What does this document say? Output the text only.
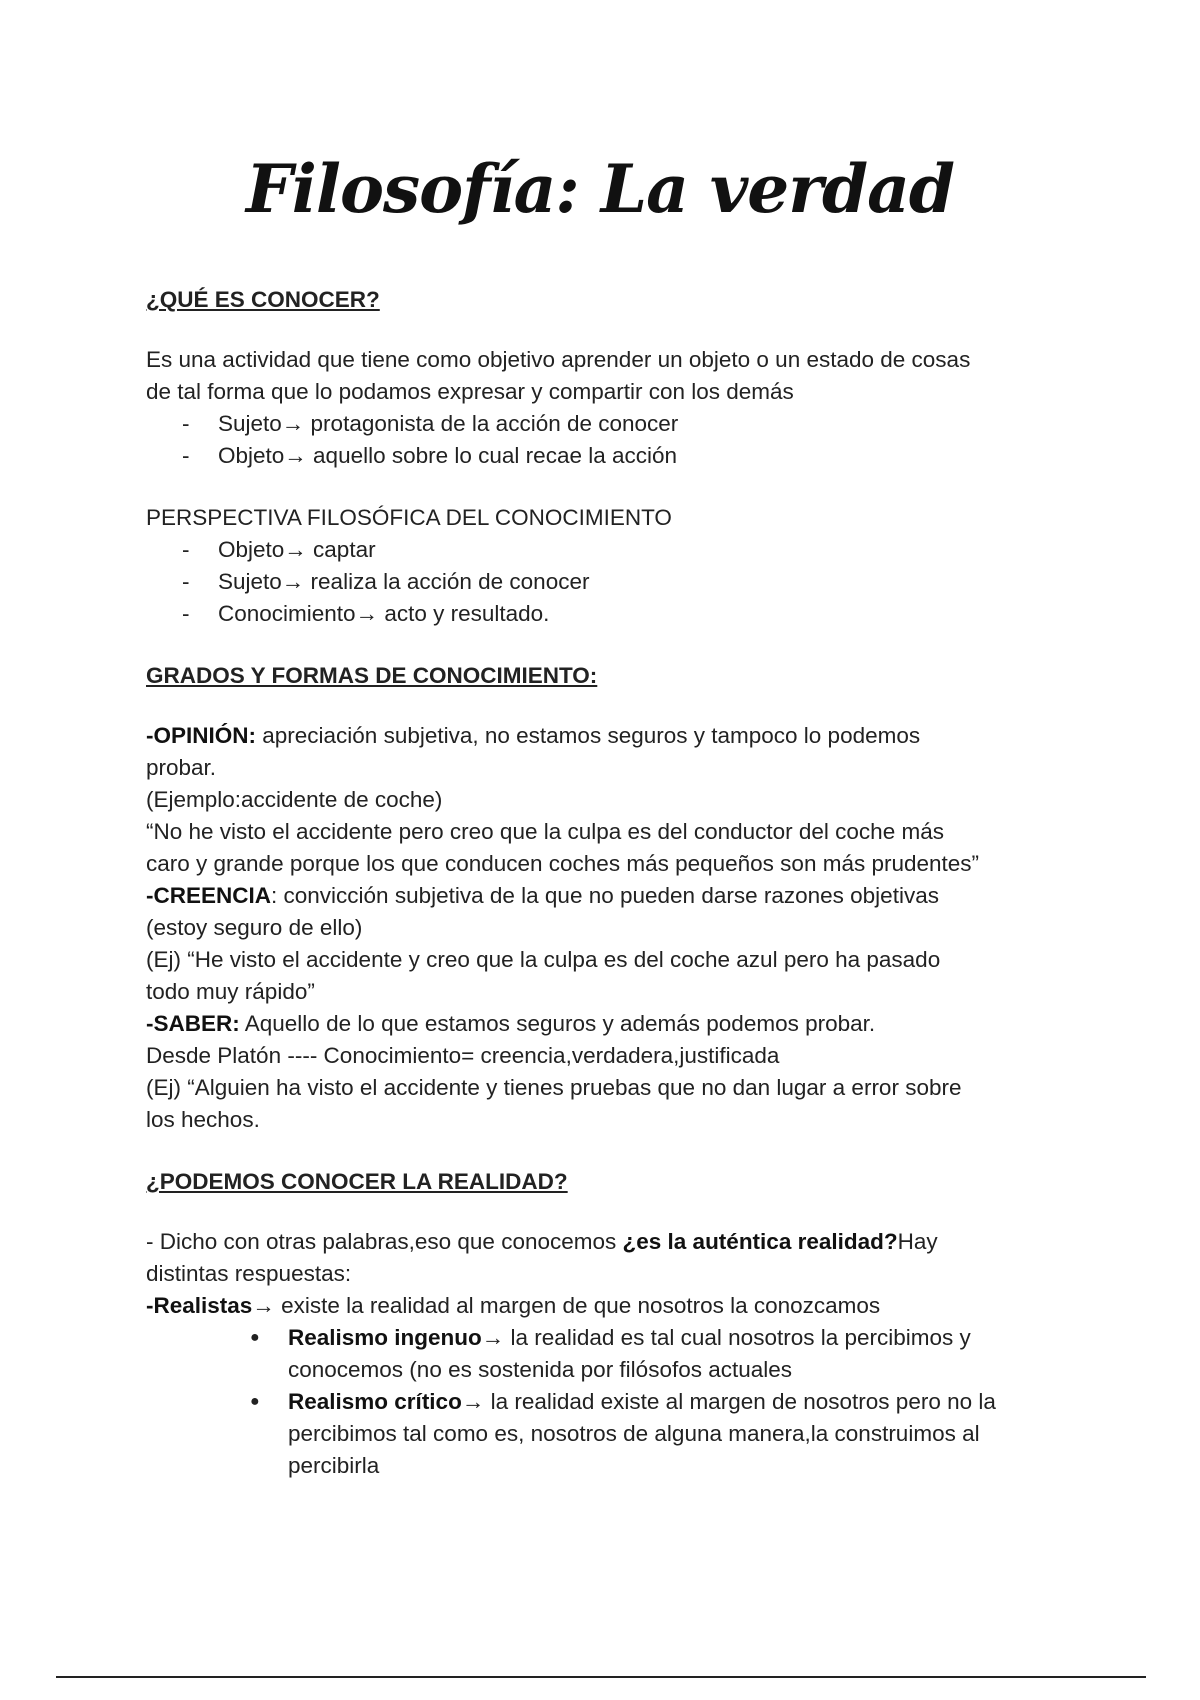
Filosofía: La verdad

¿QUÉ ES CONOCER?

Es una actividad que tiene como objetivo aprender un objeto o un estado de cosas

de tal forma que lo podamos expresar y compartir con los demás

- Sujeto→ protagonista de la acción de conocer
- Objeto→ aquello sobre lo cual recae la acción

PERSPECTIVA FILOSÓFICA DEL CONOCIMIENTO

- Objeto→ captar
- Sujeto→ realiza la acción de conocer
- Conocimiento→ acto y resultado.

GRADOS Y FORMAS DE CONOCIMIENTO:

-OPINIÓN: apreciación subjetiva, no estamos seguros y tampoco lo podemos

probar.

(Ejemplo:accidente de coche)

“No he visto el accidente pero creo que la culpa es del conductor del coche más

caro y grande porque los que conducen coches más pequeños son más prudentes”

-CREENCIA: convicción subjetiva de la que no pueden darse razones objetivas

(estoy seguro de ello)

(Ej) “He visto el accidente y creo que la culpa es del coche azul pero ha pasado

todo muy rápido”

-SABER: Aquello de lo que estamos seguros y además podemos probar.

Desde Platón ---- Conocimiento= creencia,verdadera,justificada

(Ej) “Alguien ha visto el accidente y tienes pruebas que no dan lugar a error sobre

los hechos.

¿PODEMOS CONOCER LA REALIDAD?

- Dicho con otras palabras,eso que conocemos ¿es la auténtica realidad?Hay

distintas respuestas:

-Realistas→ existe la realidad al margen de que nosotros la conozcamos

● Realismo ingenuo→ la realidad es tal cual nosotros la percibimos y conocemos (no es sostenida por filósofos actuales
● Realismo crítico→ la realidad existe al margen de nosotros pero no la percibimos tal como es, nosotros de alguna manera,la construimos al percibirla
